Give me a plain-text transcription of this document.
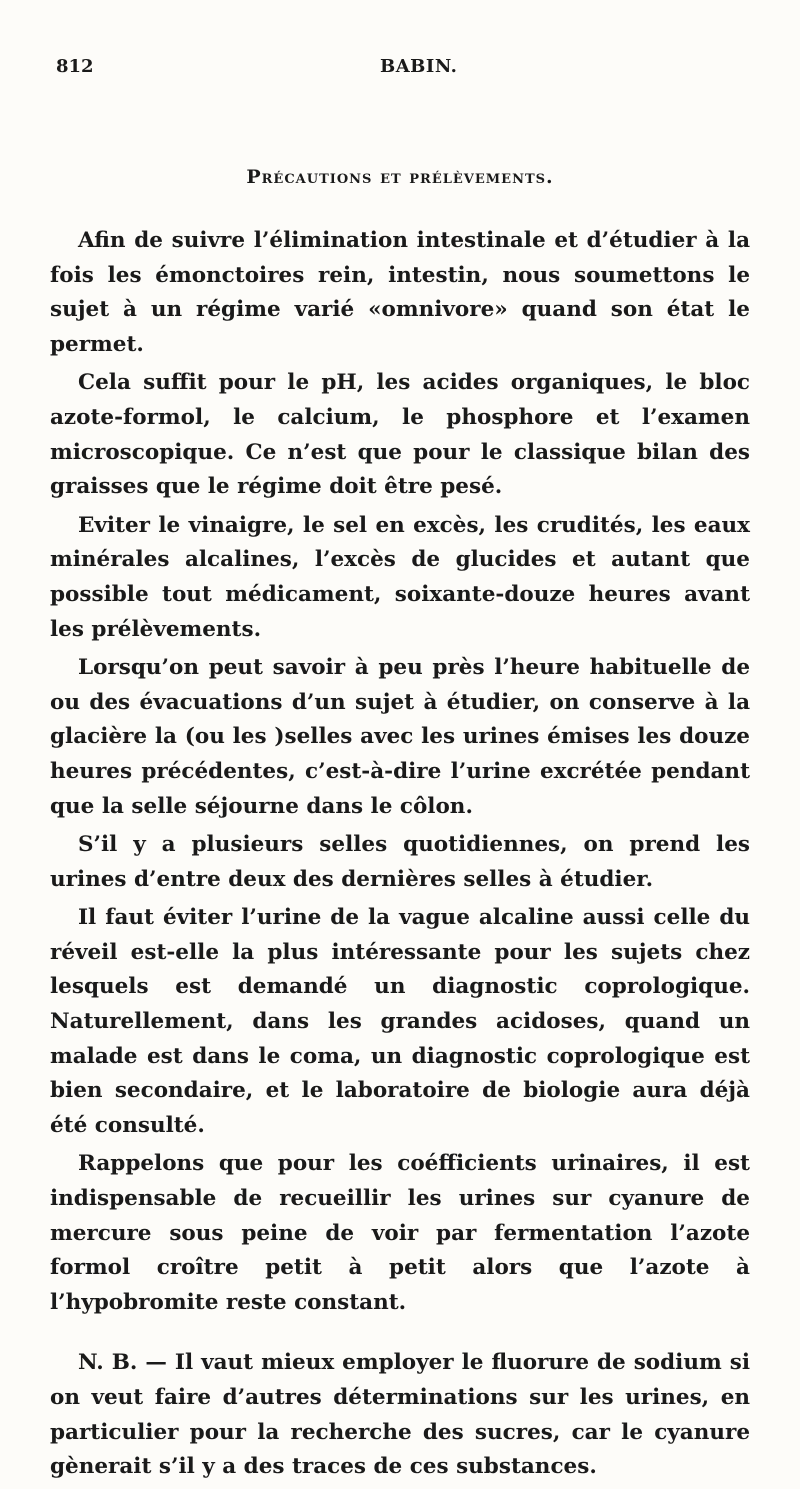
812	BABIN.
Précautions et prélèvements.

Afin de suivre l’élimination intestinale et d’étudier à la fois les émonctoires rein, intestin, nous soumettons le sujet à un régime varié «omnivore» quand son état le permet.

Cela suffit pour le pH, les acides organiques, le bloc azote-formol, le calcium, le phosphore et l’examen microscopique. Ce n’est que pour le classique bilan des graisses que le régime doit être pesé.

Eviter le vinaigre, le sel en excès, les crudités, les eaux minérales alcalines, l’excès de glucides et autant que possible tout médicament, soixante-douze heures avant les prélèvements.

Lorsqu’on peut savoir à peu près l’heure habituelle de ou des évacuations d’un sujet à étudier, on conserve à la glacière la (ou les )selles avec les urines émises les douze heures précédentes, c’est-à-dire l’urine excrétée pendant que la selle séjourne dans le côlon.

S’il y a plusieurs selles quotidiennes, on prend les urines d’entre deux des dernières selles à étudier.

Il faut éviter l’urine de la vague alcaline aussi celle du réveil est-elle la plus intéressante pour les sujets chez lesquels est demandé un diagnostic coprologique. Naturellement, dans les grandes acidoses, quand un malade est dans le coma, un diagnostic coprologique est bien secondaire, et le laboratoire de biologie aura déjà été consulté.

Rappelons que pour les coéfficients urinaires, il est indispensable de recueillir les urines sur cyanure de mercure sous peine de voir par fermentation l’azote formol croître petit à petit alors que l’azote à l’hypobromite reste constant.

N. B. — Il vaut mieux employer le fluorure de sodium si on veut faire d’autres déterminations sur les urines, en particulier pour la recherche des sucres, car le cyanure gènerait s’il y a des traces de ces substances.
